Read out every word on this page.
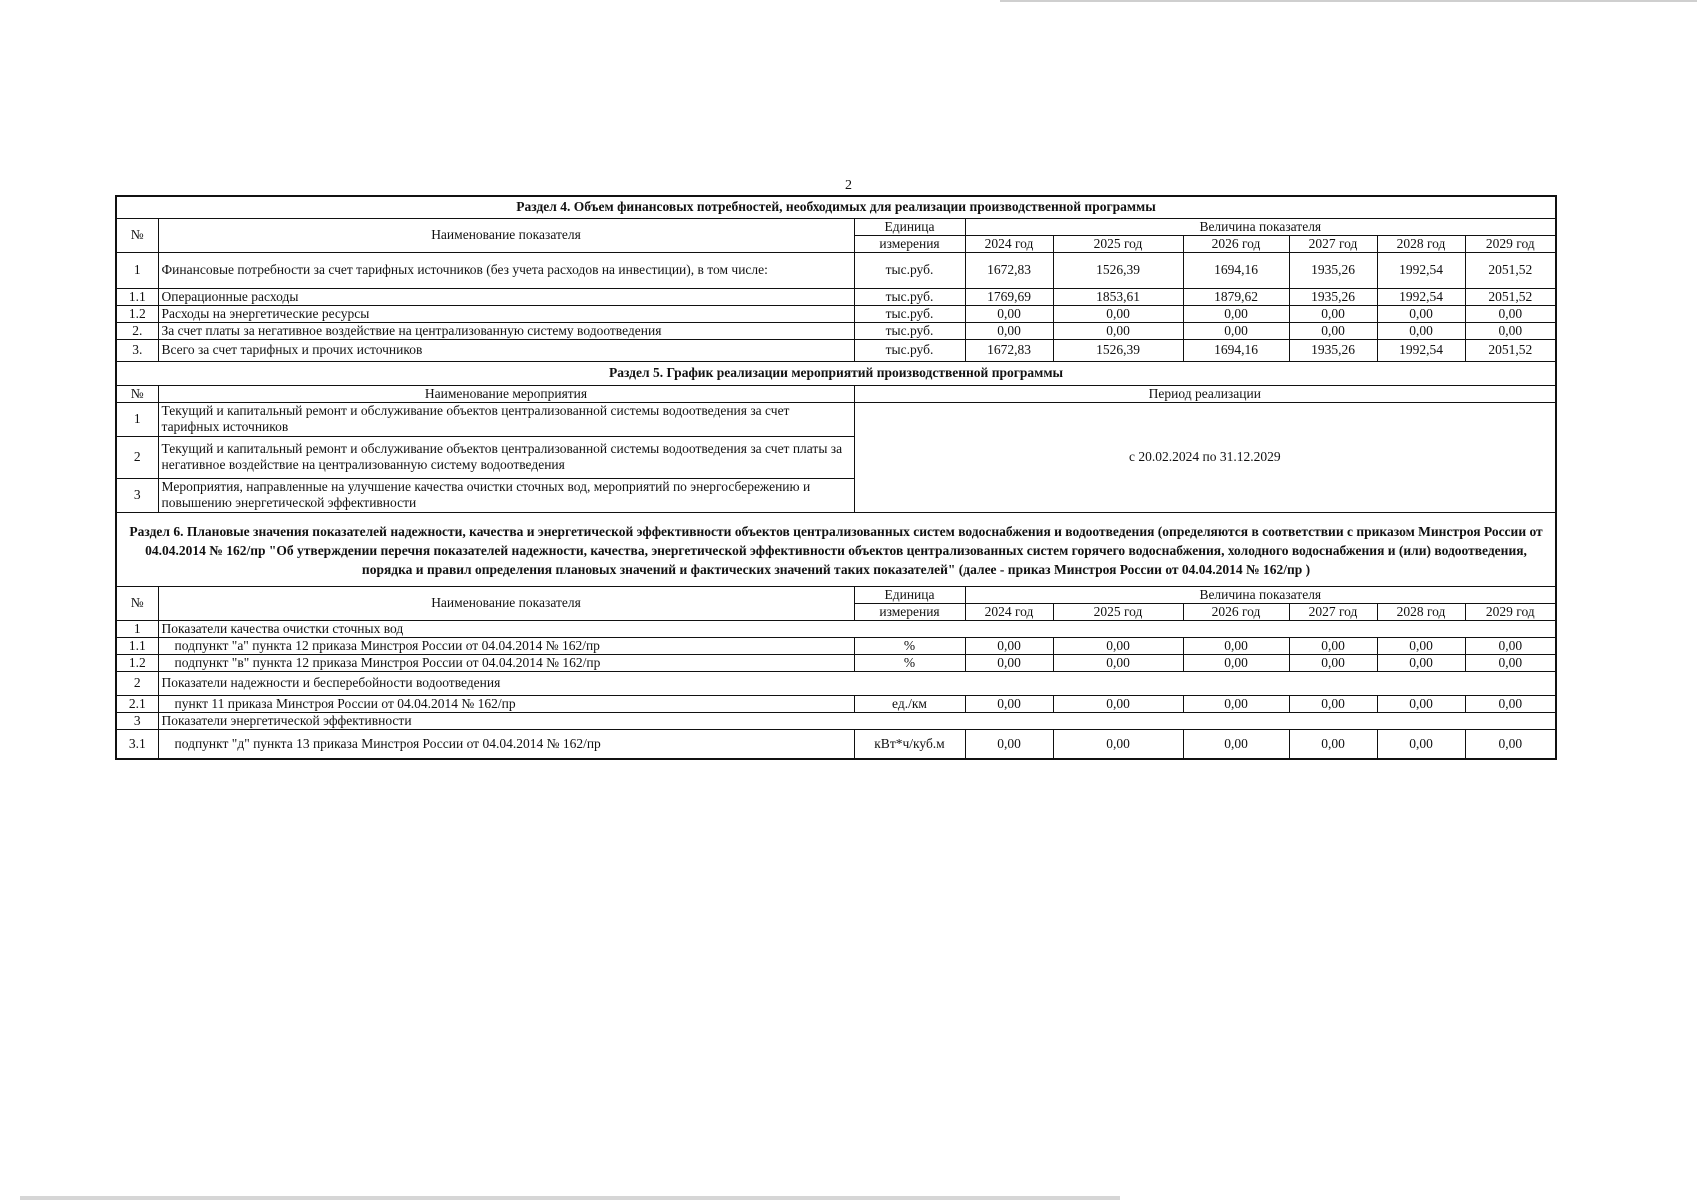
2
Раздел 4. Объем финансовых потребностей, необходимых для реализации производственной программы								
№	Наименование показателя	Единица	Величина показателя					
		измерения	2024 год	2025 год	2026 год	2027 год	2028 год	2029 год
1	Финансовые потребности за счет тарифных источников (без учета расходов на инвестиции), в том числе:	тыс.руб.	1672,83	1526,39	1694,16	1935,26	1992,54	2051,52
1.1	Операционные расходы	тыс.руб.	1769,69	1853,61	1879,62	1935,26	1992,54	2051,52
1.2	Расходы на энергетические ресурсы	тыс.руб.	0,00	0,00	0,00	0,00	0,00	0,00
2.	За счет платы за негативное воздействие на централизованную систему водоотведения	тыс.руб.	0,00	0,00	0,00	0,00	0,00	0,00
3.	Всего за счет тарифных и прочих источников	тыс.руб.	1672,83	1526,39	1694,16	1935,26	1992,54	2051,52
Раздел 5. График реализации мероприятий производственной программы								
№	Наименование мероприятия	Период реализации						
1	Текущий и капитальный ремонт и обслуживание объектов централизованной системы водоотведения за счет тарифных источников	с 20.02.2024 по 31.12.2029						
2	Текущий и капитальный ремонт и обслуживание объектов централизованной системы водоотведения за счет платы за негативное воздействие на централизованную систему водоотведения							
3	Мероприятия, направленные на улучшение качества очистки сточных вод, мероприятий по энергосбережению и повышению энергетической эффективности							
Раздел 6. Плановые значения показателей надежности, качества и энергетической эффективности объектов централизованных систем водоснабжения и водоотведения (определяются в соответствии с приказом Минстроя России от 04.04.2014 № 162/пр "Об утверждении перечня показателей надежности, качества, энергетической эффективности объектов централизованных систем горячего водоснабжения, холодного водоснабжения и (или) водоотведения, порядка и правил определения плановых значений и фактических значений таких показателей" (далее - приказ Минстроя России от 04.04.2014 № 162/пр )								
№	Наименование показателя	Единица	Величина показателя					
		измерения	2024 год	2025 год	2026 год	2027 год	2028 год	2029 год
1	Показатели качества очистки сточных вод							
1.1	подпункт "а" пункта 12 приказа Минстроя России от 04.04.2014 № 162/пр	%	0,00	0,00	0,00	0,00	0,00	0,00
1.2	подпункт "в" пункта 12 приказа Минстроя России от 04.04.2014 № 162/пр	%	0,00	0,00	0,00	0,00	0,00	0,00
2	Показатели надежности и бесперебойности водоотведения							
2.1	пункт 11 приказа Минстроя России от 04.04.2014 № 162/пр	ед./км	0,00	0,00	0,00	0,00	0,00	0,00
3	Показатели энергетической эффективности							
3.1	подпункт "д" пункта 13 приказа Минстроя России от 04.04.2014 № 162/пр	кВт*ч/куб.м	0,00	0,00	0,00	0,00	0,00	0,00
